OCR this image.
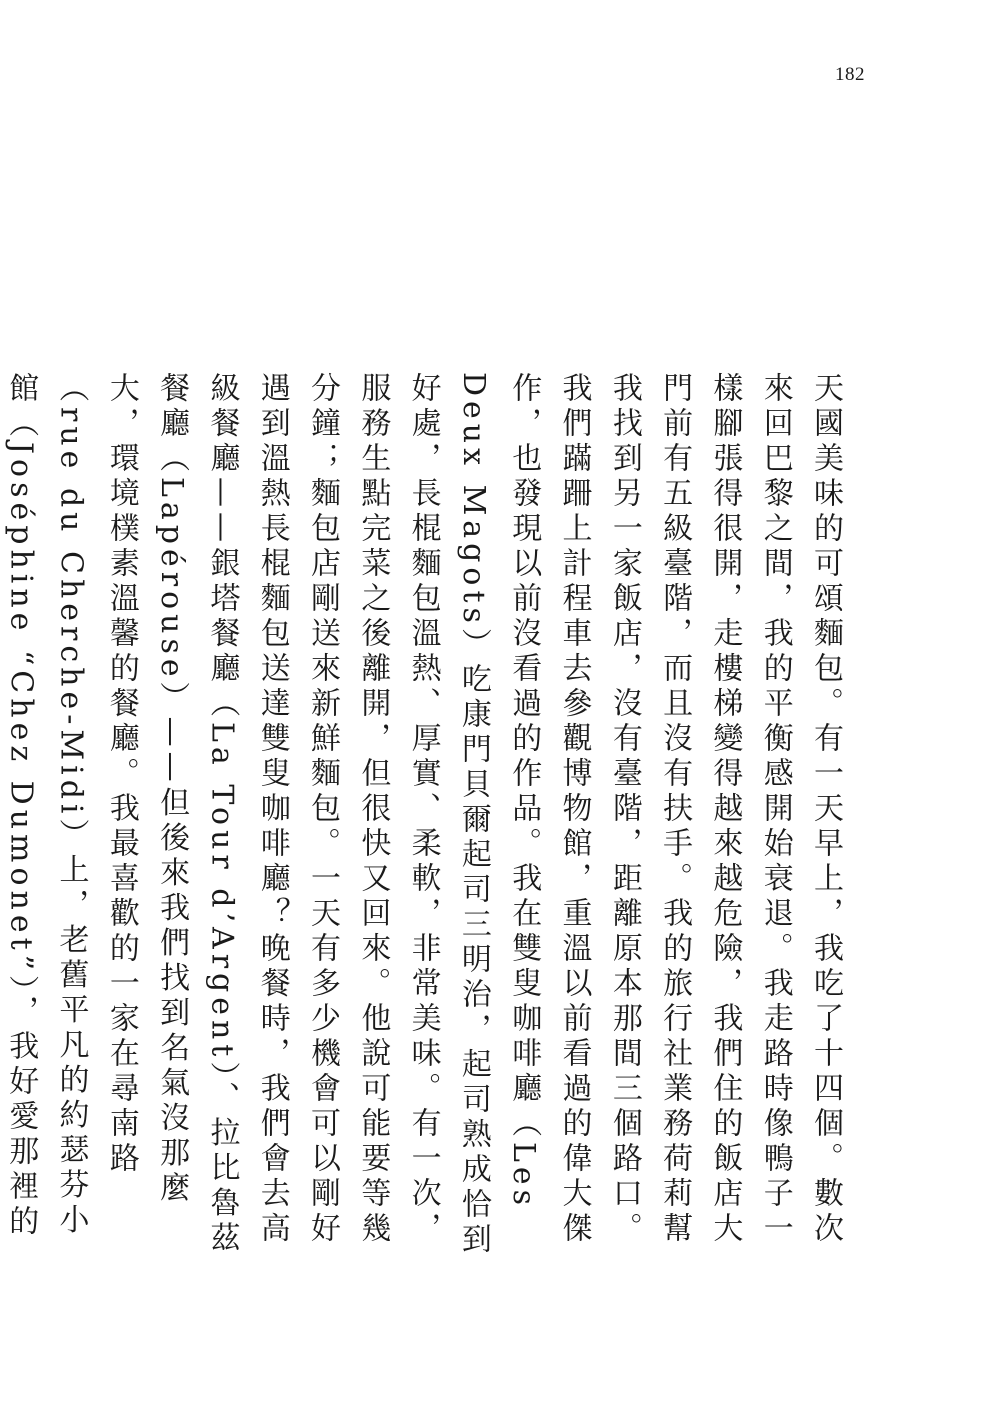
182

天國美味的可頌麵包。有一天早上，我吃了十四個。數次來回巴黎之間，我的平衡感開始衰退。我走路時像鴨子一樣腳張得很開，走樓梯變得越來越危險，我們住的飯店大門前有五級臺階，而且沒有扶手。我的旅行社業務荷莉幫我找到另一家飯店，沒有臺階，距離原本那間三個路口。我們蹣跚上計程車去參觀博物館，重溫以前看過的偉大傑作，也發現以前沒看過的作品。我在雙叟咖啡廳（Les Deux Magots）吃康門貝爾起司三明治，起司熟成恰到好處，長棍麵包溫熱、厚實、柔軟，非常美味。有一次，服務生點完菜之後離開，但很快又回來。他說可能要等幾分鐘；麵包店剛送來新鮮麵包。一天有多少機會可以剛好遇到溫熱長棍麵包送達雙叟咖啡廳？晚餐時，我們會去高級餐廳——銀塔餐廳（La Tour d’Argent）、拉比魯茲餐廳（Lapérouse）——但後來我們找到名氣沒那麼大，環境樸素溫馨的餐廳。我最喜歡的一家在尋南路（rue du Cherche-Midi）上，老舊平凡的約瑟芬小館（Joséphine “Chez Dumonet”），我好愛那裡的
